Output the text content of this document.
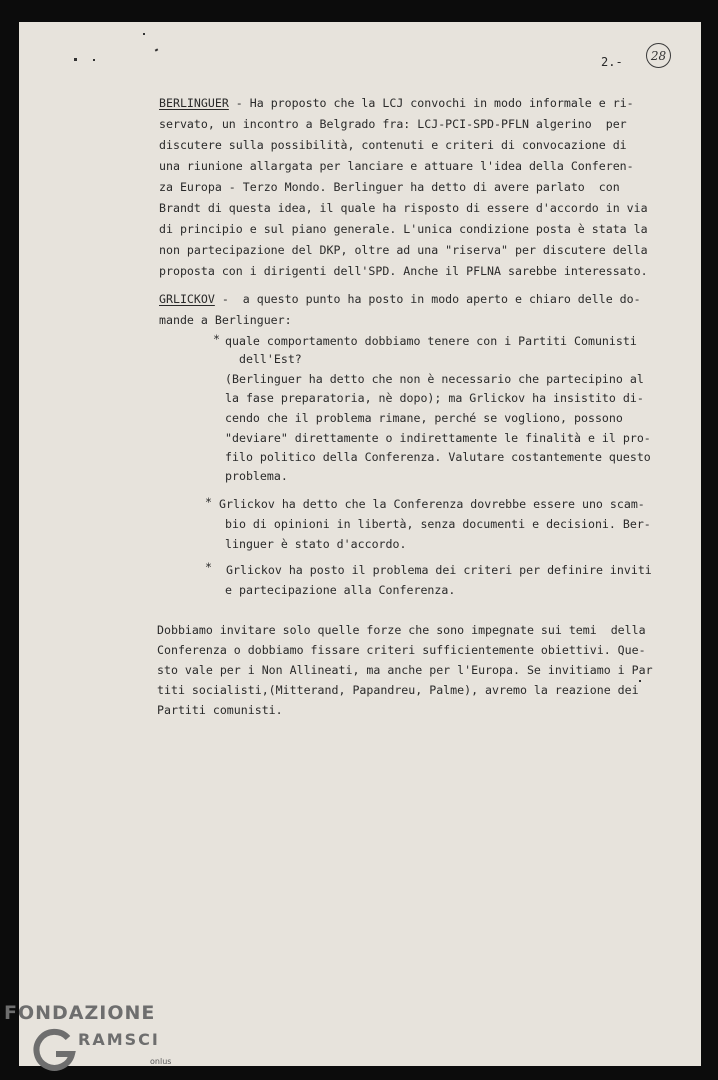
2.-	28
BERLINGUER - Ha proposto che la LCJ convochi in modo informale e ri-
servato, un incontro a Belgrado fra: LCJ-PCI-SPD-PFLN algerino  per
discutere sulla possibilità, contenuti e criteri di convocazione di
una riunione allargata per lanciare e attuare l'idea della Conferen-
za Europa - Terzo Mondo. Berlinguer ha detto di avere parlato  con
Brandt di questa idea, il quale ha risposto di essere d'accordo in via
di principio e sul piano generale. L'unica condizione posta è stata la
non partecipazione del DKP, oltre ad una "riserva" per discutere della
proposta con i dirigenti dell'SPD. Anche il PFLNA sarebbe interessato.
GRLICKOV -  a questo punto ha posto in modo aperto e chiaro delle do-
mande a Berlinguer:
* quale comportamento dobbiamo tenere con i Partiti Comunisti
dell'Est?
(Berlinguer ha detto che non è necessario che partecipino al
la fase preparatoria, nè dopo); ma Grlickov ha insistito di-
cendo che il problema rimane, perché se vogliono, possono
"deviare" direttamente o indirettamente le finalità e il pro-
filo politico della Conferenza. Valutare costantemente questo
problema.
* Grlickov ha detto che la Conferenza dovrebbe essere uno scam-
bio di opinioni in libertà, senza documenti e decisioni. Ber-
linguer è stato d'accordo.
* Grlickov ha posto il problema dei criteri per definire inviti
e partecipazione alla Conferenza.
Dobbiamo invitare solo quelle forze che sono impegnate sui temi  della
Conferenza o dobbiamo fissare criteri sufficientemente obiettivi. Que-
sto vale per i Non Allineati, ma anche per l'Europa. Se invitiamo i Par
titi socialisti,(Mitterand, Papandreu, Palme), avremo la reazione dei
Partiti comunisti.
FONDAZIONE
RAMSCI
onlus
